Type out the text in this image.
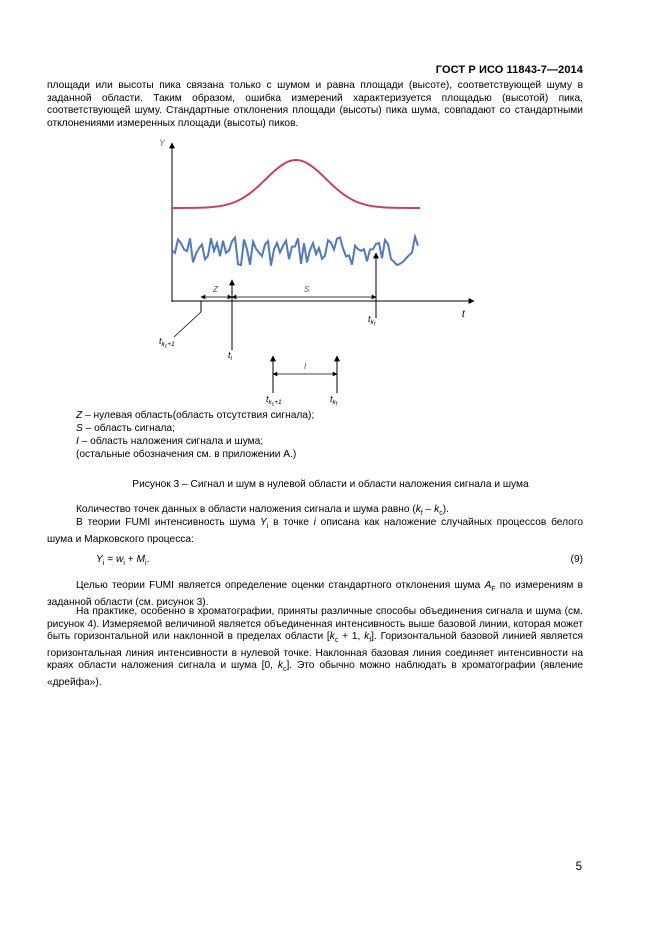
ГОСТ Р ИСО 11843-7—2014
площади или высоты пика связана только с шумом и равна площади (высоте), соответствующей шуму в заданной области. Таким образом, ошибка измерений характеризуется площадью (высотой) пика, соответствующей шуму. Стандартные отклонения площади (высоты) пика шума, совпадают со стандартными отклонениями измеренных площади (высоты) пиков.
Y
t
Z	S
I
$t_kc+1$
$t_i$
$t_kf$
$t_kc+1$	$t_kf$
Z – нулевая область(область отсутствия сигнала);
S – область сигнала;
I – область наложения сигнала и шума;
(остальные обозначения см. в приложении А.)
Рисунок 3 – Сигнал и шум в нулевой области и области наложения сигнала и шума
Количество точек данных в области наложения сигнала и шума равно $(k_f - k_c)$.
В теории FUMI интенсивность шума $Y_i$ в точке i описана как наложение случайных процессов белого шума и Марковского процесса:
$Y_i = w_i + M_i$.	(9)
Целью теории FUMI является определение оценки стандартного отклонения шума $A_F$ по измерениям в заданной области (см. рисунок 3).
На практике, особенно в хроматографии, приняты различные способы объединения сигнала и шума (см. рисунок 4). Измеряемой величиной является объединенная интенсивность выше базовой линии, которая может быть горизонтальной или наклонной в пределах области [$k_c + 1$, $k_f$]. Горизонтальной базовой линией является горизонтальная линия интенсивности в нулевой точке. Наклонная базовая линия соединяет интенсивности на краях области наложения сигнала и шума [0, $k_c$]. Это обычно можно наблюдать в хроматографии (явление «дрейфа»).
5
